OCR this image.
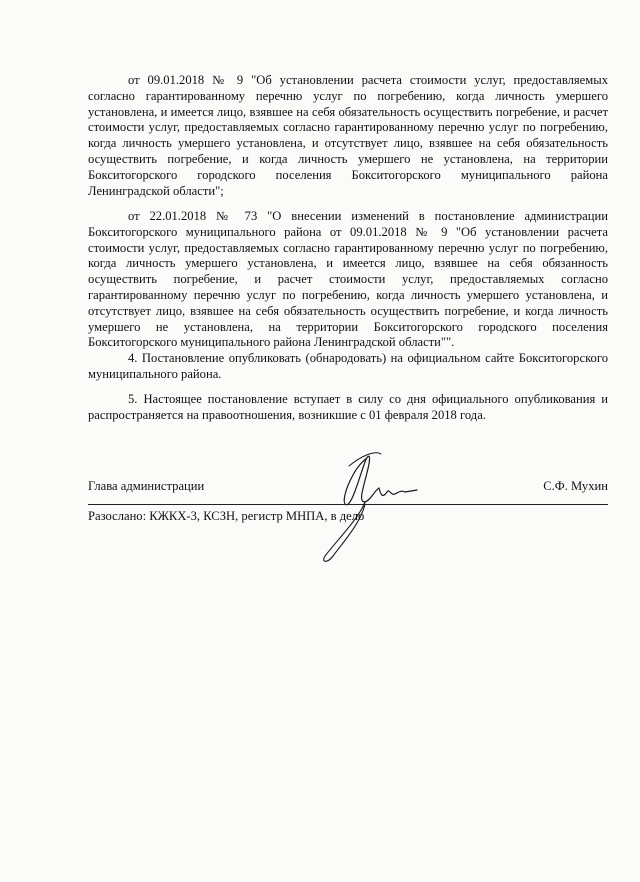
от 09.01.2018 № 9 "Об установлении расчета стоимости услуг, предоставляемых согласно гарантированному перечню услуг по погребению, когда личность умершего установлена, и имеется лицо, взявшее на себя обязательность осуществить погребение, и расчет стоимости услуг, предоставляемых согласно гарантированному перечню услуг по погребению, когда личность умершего установлена, и отсутствует лицо, взявшее на себя обязательность осуществить погребение, и когда личность умершего не установлена, на территории Бокситогорского городского поселения Бокситогорского муниципального района Ленинградской области";

от 22.01.2018 № 73 "О внесении изменений в постановление администрации Бокситогорского муниципального района от 09.01.2018 № 9 "Об установлении расчета стоимости услуг, предоставляемых согласно гарантированному перечню услуг по погребению, когда личность умершего установлена, и имеется лицо, взявшее на себя обязанность осуществить погребение, и расчет стоимости услуг, предоставляемых согласно гарантированному перечню услуг по погребению, когда личность умершего установлена, и отсутствует лицо, взявшее на себя обязательность осуществить погребение, и когда личность умершего не установлена, на территории Бокситогорского городского поселения Бокситогорского муниципального района Ленинградской области"".

4. Постановление опубликовать (обнародовать) на официальном сайте Бокситогорского муниципального района.

5. Настоящее постановление вступает в силу со дня официального опубликования и распространяется на правоотношения, возникшие с 01 февраля 2018 года.

Глава администрации	С.Ф. Мухин
Разослано: КЖКХ-3, КСЗН, регистр МНПА, в дело
